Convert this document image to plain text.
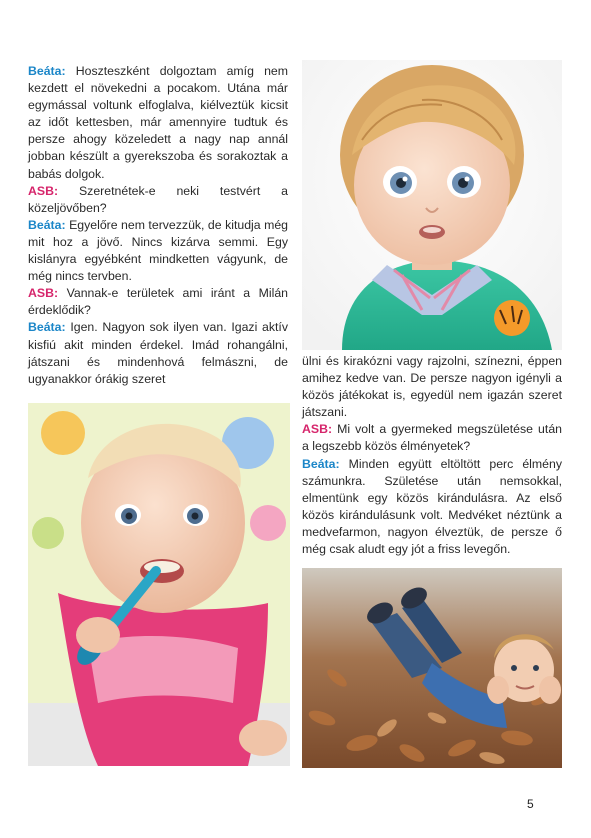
Beáta: Hoszteszként dolgoztam amíg nem kezdett el növekedni a pocakom. Utána már egymással voltunk elfoglalva, kiélveztük kicsit az időt kettesben, már amennyire tudtuk és persze ahogy közeledett a nagy nap annál jobban készült a gyerekszoba és sorakoztak a babás dolgok.

ASB: Szeretnétek-e neki testvért a közeljövőben?

Beáta: Egyelőre nem tervezzük, de kitudja még mit hoz a jövő. Nincs kizárva semmi. Egy kislányra egyébként mindketten vágyunk, de még nincs tervben.

ASB: Vannak-e területek ami iránt a Milán érdeklődik?

Beáta: Igen. Nagyon sok ilyen van. Igazi aktív kisfiú akit minden érdekel. Imád rohangálni, játszani és mindenhová felmászni, de ugyanakkor órákig szeret

ülni és kirakózni vagy rajzolni, színezni, éppen amihez kedve van. De persze nagyon igényli a közös játékokat is, egyedül nem igazán szeret játszani.

ASB: Mi volt a gyermeked megszületése után a legszebb közös élményetek?

Beáta: Minden együtt eltöltött perc élmény számunkra. Születése után nemsokkal, elmentünk egy közös kirándulásra. Az első közös kirándulásunk volt. Medvéket néztünk a medvefarmon, nagyon élveztük, de persze ő még csak aludt egy jót a friss levegőn.

5
